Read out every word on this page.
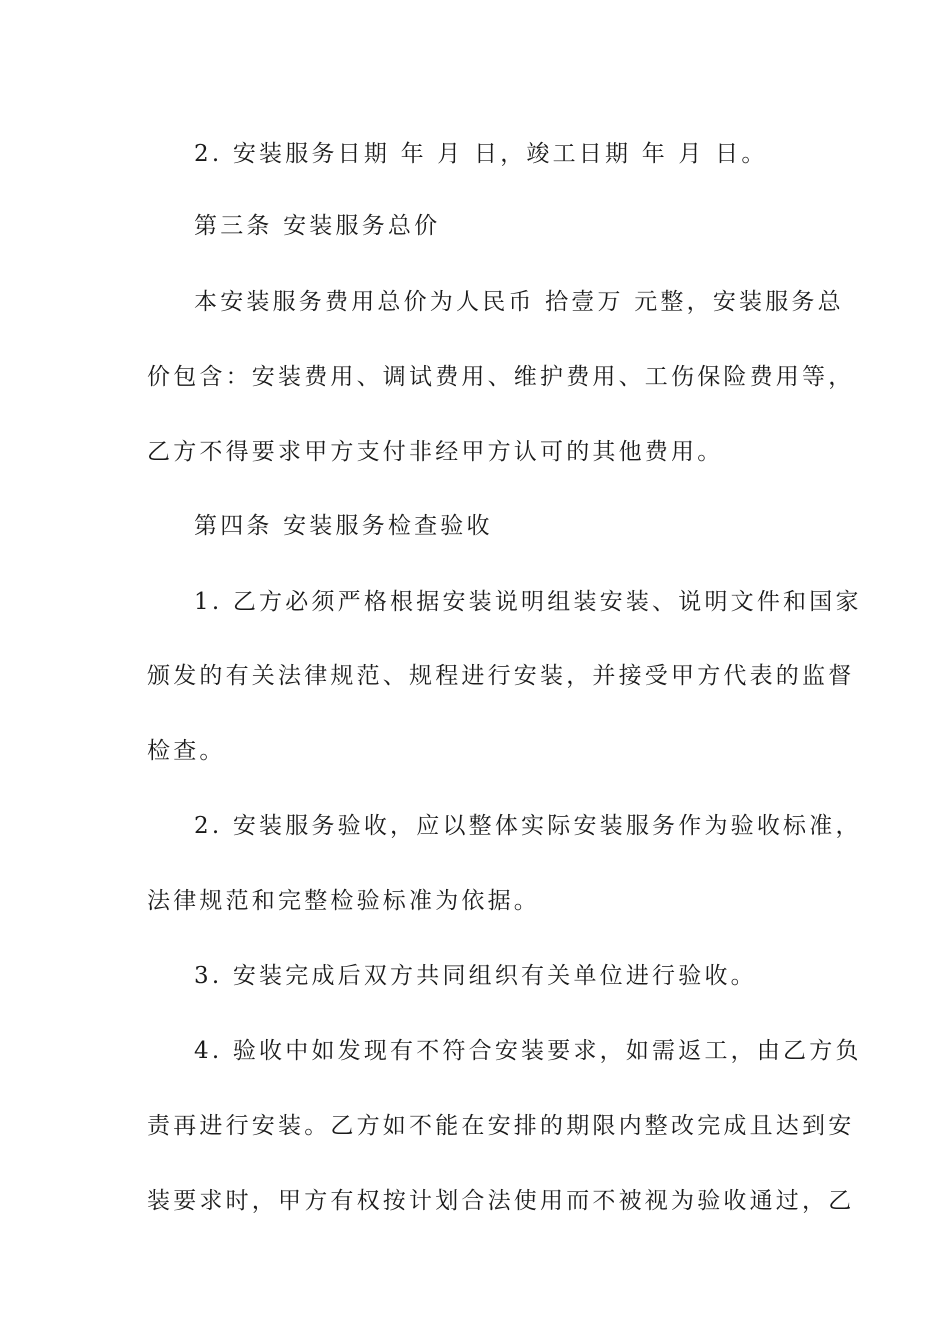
2. 安装服务日期 年 月 日，竣工日期 年 月 日。
第三条 安装服务总价
本安装服务费用总价为人民币 拾壹万 元整，安装服务总
价包含：安装费用、调试费用、维护费用、工伤保险费用等，
乙方不得要求甲方支付非经甲方认可的其他费用。
第四条 安装服务检查验收
1. 乙方必须严格根据安装说明组装安装、说明文件和国家
颁发的有关法律规范、规程进行安装，并接受甲方代表的监督
检查。
2. 安装服务验收，应以整体实际安装服务作为验收标准，
法律规范和完整检验标准为依据。
3. 安装完成后双方共同组织有关单位进行验收。
4. 验收中如发现有不符合安装要求，如需返工，由乙方负
责再进行安装。乙方如不能在安排的期限内整改完成且达到安
装要求时，甲方有权按计划合法使用而不被视为验收通过，乙
